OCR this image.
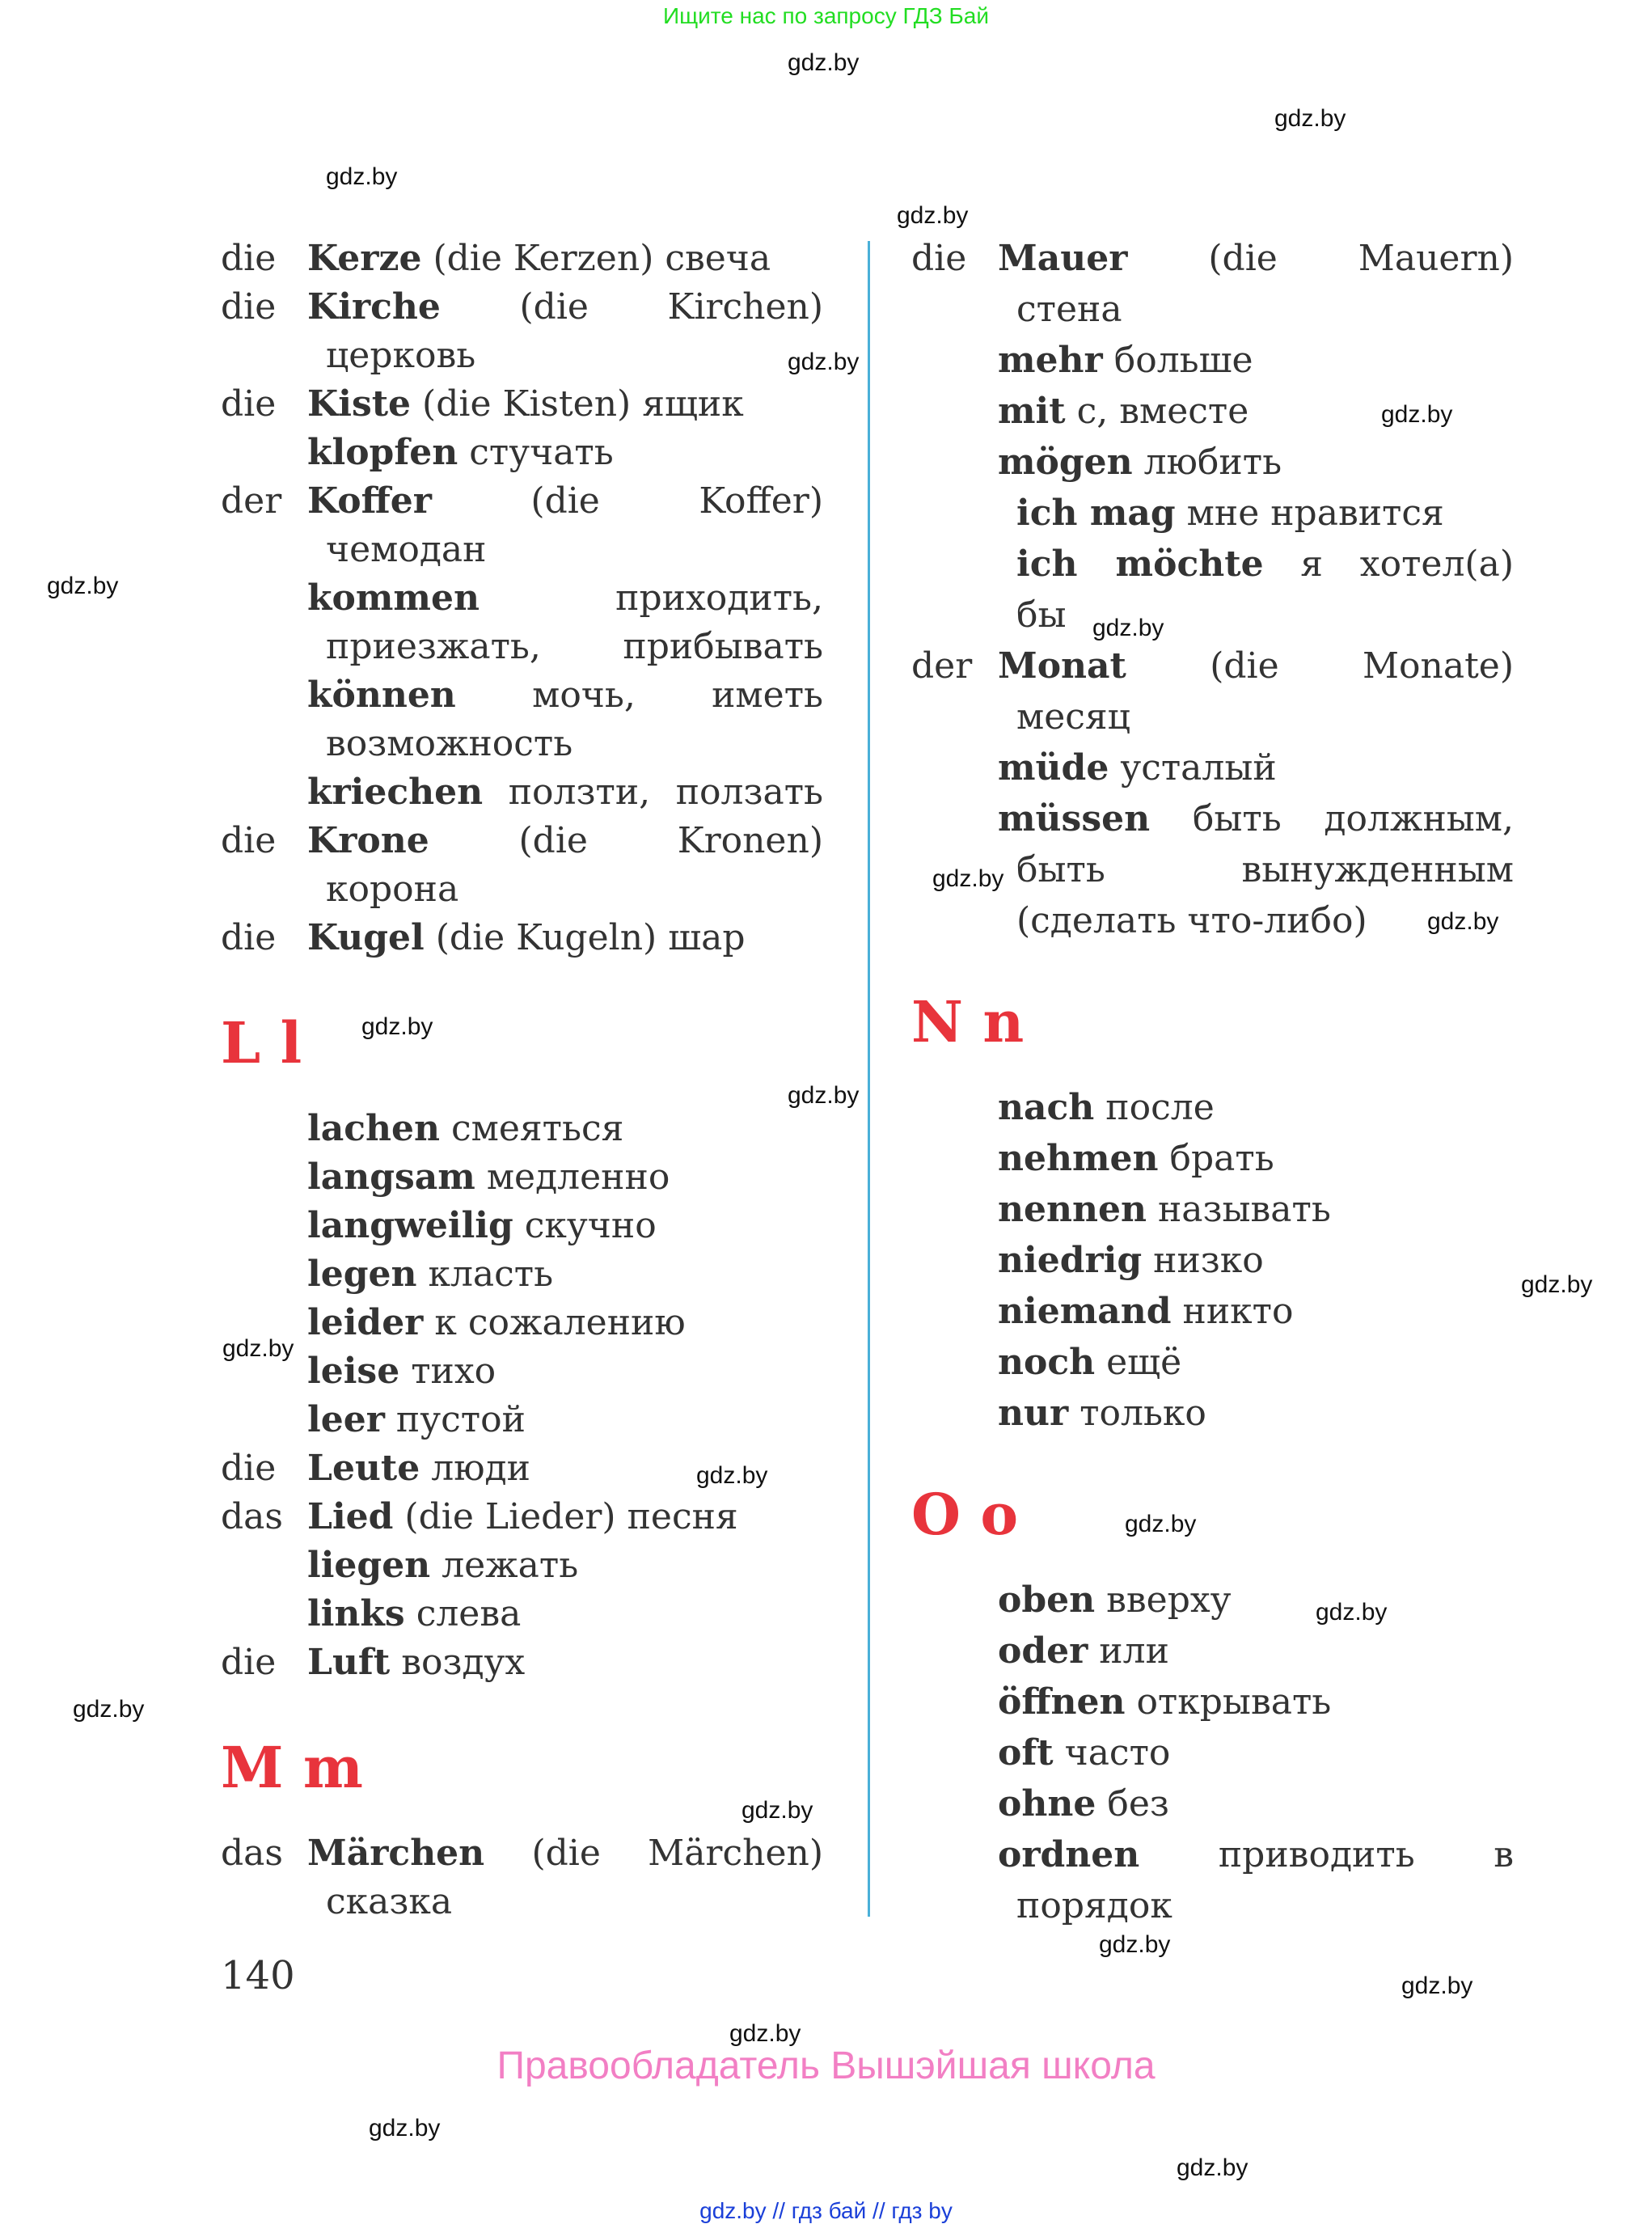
Ищите нас по запросу ГДЗ Бай
die Kerze (die Kerzen) свеча
die Kirche (die Kirchen)
церковь
die Kiste (die Kisten) ящик
klopfen стучать
der Koffer	(die Koffer)
чемодан
kommen	приходить,
приезжать, прибывать
können мочь, иметь
возможность
kriechen ползти, ползать
die Krone	(die Kronen)
корона
die Kugel (die Kugeln) шар
L l
lachen смеяться
langsam медленно
langweilig скучно
legen класть
leider к сожалению
leise тихо
leer пустой
die Leute люди
das Lied (die Lieder) песня
liegen лежать
links слева
die Luft воздух
M m
das Märchen (die Märchen)
сказка
140
die Mauer (die Mauern)
стена
mehr больше
mit с, вместе
mögen любить
ich mag мне нравится
ich möchte я хотел(а)
бы
der Monat (die Monate)
месяц
müde усталый
müssen быть должным,
быть вынужденным
(сделать что-либо)
N n
nach после
nehmen брать
nennen называть
niedrig низко
niemand никто
noch ещё
nur только
O o
oben вверху
oder или
öffnen открывать
oft часто
ohne без
ordnen приводить в
порядок
gdz.by
gdz.by
gdz.by
gdz.by
gdz.by
gdz.by
gdz.by
gdz.by
gdz.by
gdz.by
gdz.by
gdz.by
gdz.by
gdz.by
gdz.by
gdz.by
gdz.by
gdz.by
gdz.by
gdz.by
gdz.by
gdz.by
gdz.by
gdz.by
Правообладатель Вышэйшая школа
gdz.by // гдз бай // гдз by
